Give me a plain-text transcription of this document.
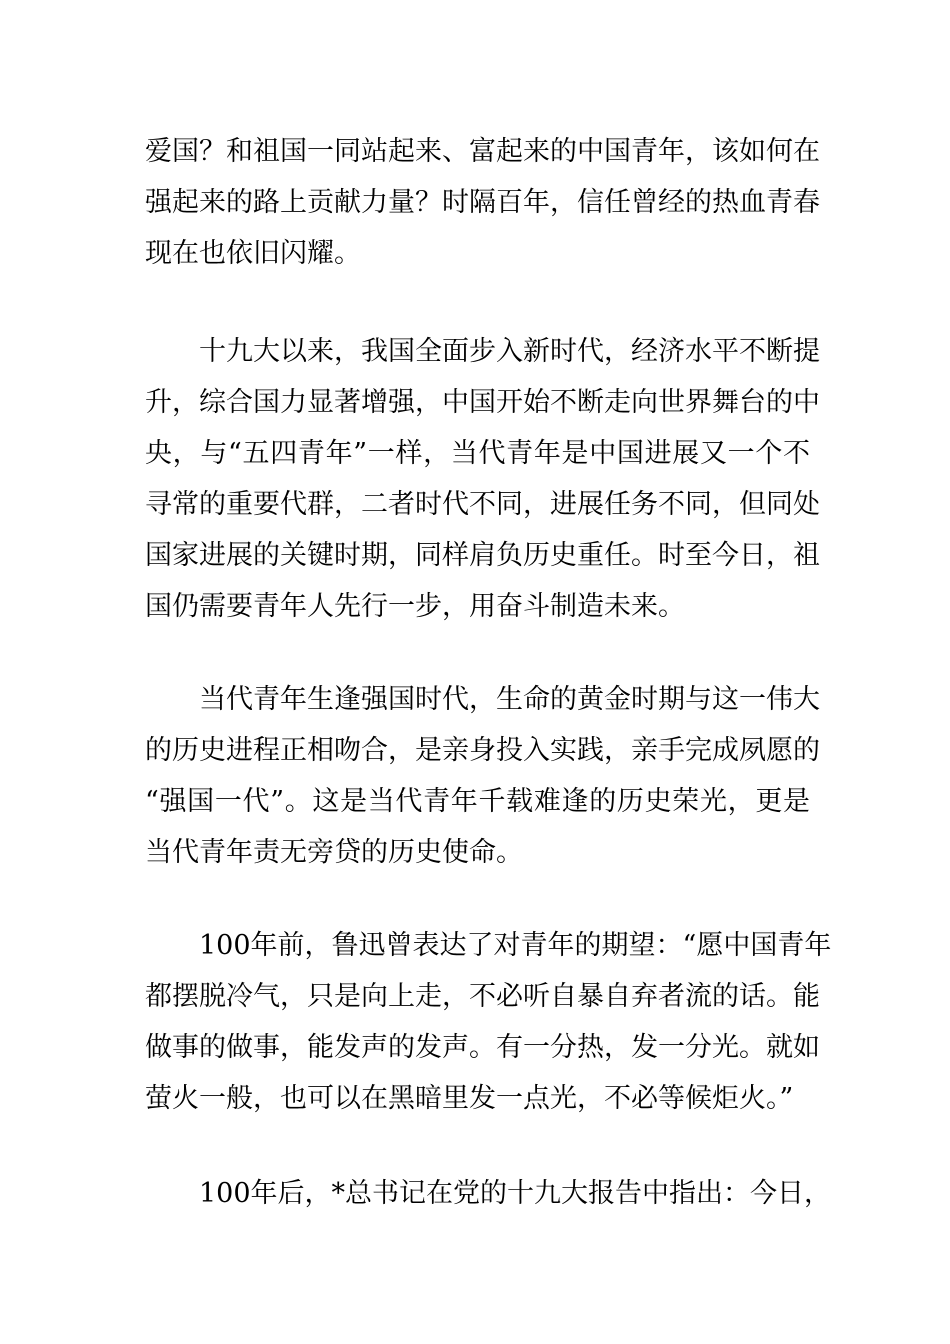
爱国？和祖国一同站起来、富起来的中国青年，该如何在
强起来的路上贡献力量？时隔百年，信任曾经的热血青春
现在也依旧闪耀。
十九大以来，我国全面步入新时代，经济水平不断提
升，综合国力显著增强，中国开始不断走向世界舞台的中
央，与“五四青年”一样，当代青年是中国进展又一个不
寻常的重要代群，二者时代不同，进展任务不同，但同处
国家进展的关键时期，同样肩负历史重任。时至今日，祖
国仍需要青年人先行一步，用奋斗制造未来。
当代青年生逢强国时代，生命的黄金时期与这一伟大
的历史进程正相吻合，是亲身投入实践，亲手完成夙愿的
“强国一代”。这是当代青年千载难逢的历史荣光，更是
当代青年责无旁贷的历史使命。
100年前，鲁迅曾表达了对青年的期望：“愿中国青年
都摆脱冷气，只是向上走，不必听自暴自弃者流的话。能
做事的做事，能发声的发声。有一分热，发一分光。就如
萤火一般，也可以在黑暗里发一点光，不必等候炬火。”
100年后，*总书记在党的十九大报告中指出：今日，
